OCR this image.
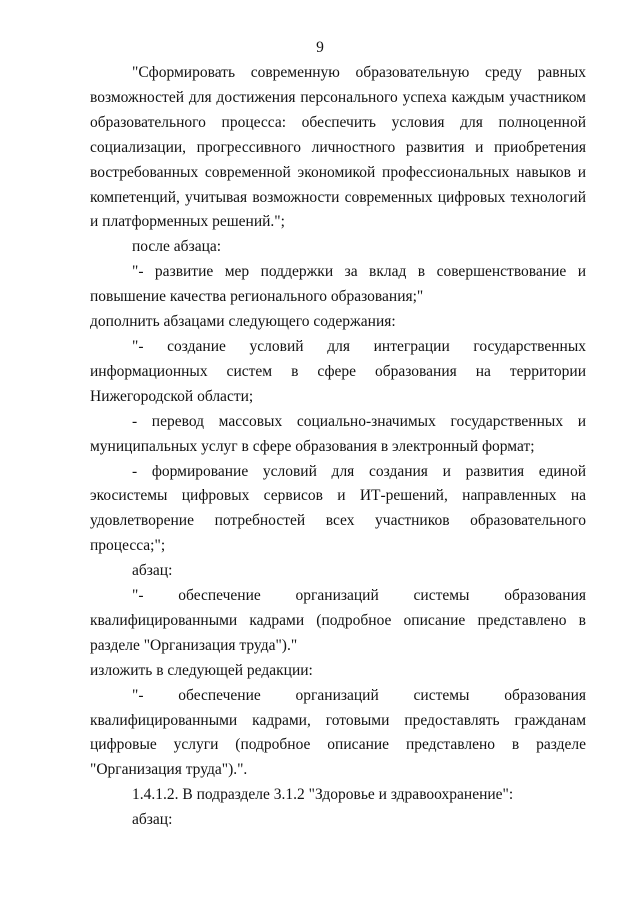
9

"Сформировать современную образовательную среду равных возможностей для достижения персонального успеха каждым участником образовательного процесса: обеспечить условия для полноценной социализации, прогрессивного личностного развития и приобретения востребованных современной экономикой профессиональных навыков и компетенций, учитывая возможности современных цифровых технологий и платформенных решений.";

после абзаца:

"- развитие мер поддержки за вклад в совершенствование и повышение качества регионального образования;"

дополнить абзацами следующего содержания:

"- создание условий для интеграции государственных информационных систем в сфере образования на территории Нижегородской области;

- перевод массовых социально-значимых государственных и муниципальных услуг в сфере образования в электронный формат;

- формирование условий для создания и развития единой экосистемы цифровых сервисов и ИТ-решений, направленных на удовлетворение потребностей всех участников образовательного процесса;";

абзац:

"- обеспечение организаций системы образования квалифицированными кадрами (подробное описание представлено в разделе "Организация труда")."

изложить в следующей редакции:

"- обеспечение организаций системы образования квалифицированными кадрами, готовыми предоставлять гражданам цифровые услуги (подробное описание представлено в разделе "Организация труда").".

1.4.1.2. В подразделе 3.1.2 "Здоровье и здравоохранение":

абзац:
